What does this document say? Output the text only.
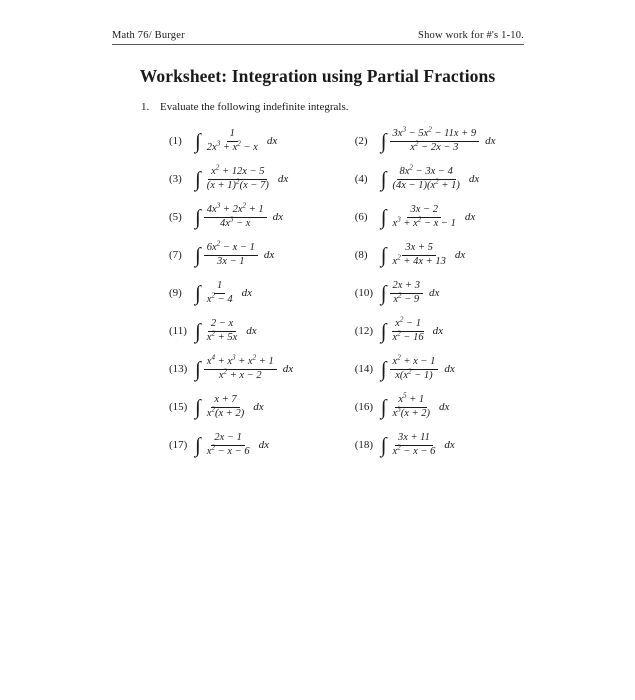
Math 76/ Burger	Show work for #'s 1-10.
Worksheet: Integration using Partial Fractions
1. Evaluate the following indefinite integrals.
(1) ∫ $\frac{1}{2x^3 + x^2 - x}$ dx	(2) ∫ $\frac{3x^3 - 5x^2 - 11x + 9}{x^2 - 2x - 3}$ dx
(3) ∫ $\frac{x^2 + 12x - 5}{(x + 1)^2(x - 7)}$ dx	(4) ∫ $\frac{8x^2 - 3x - 4}{(4x - 1)(x^2 + 1)}$ dx
(5) ∫ $\frac{4x^3 + 2x^2 + 1}{4x^3 - x}$ dx	(6) ∫ $\frac{3x - 2}{x^3 + x^2 - x - 1}$ dx
(7) ∫ $\frac{6x^2 - x - 1}{3x - 1}$ dx	(8) ∫ $\frac{3x + 5}{x^2 + 4x + 13}$ dx
(9) ∫ $\frac{1}{x^2 - 4}$ dx	(10) ∫ $\frac{2x + 3}{x^2 - 9}$ dx
(11) ∫ $\frac{2 - x}{x^2 + 5x}$ dx	(12) ∫ $\frac{x^2 - 1}{x^2 - 16}$ dx
(13) ∫ $\frac{x^4 + x^3 + x^2 + 1}{x^2 + x - 2}$ dx	(14) ∫ $\frac{x^2 + x - 1}{x(x^2 - 1)}$ dx
(15) ∫ $\frac{x + 7}{x^2(x + 2)}$ dx	(16) ∫ $\frac{x^5 + 1}{x^3(x + 2)}$ dx
(17) ∫ $\frac{2x - 1}{x^2 - x - 6}$ dx	(18) ∫ $\frac{3x + 11}{x^2 - x - 6}$ dx
